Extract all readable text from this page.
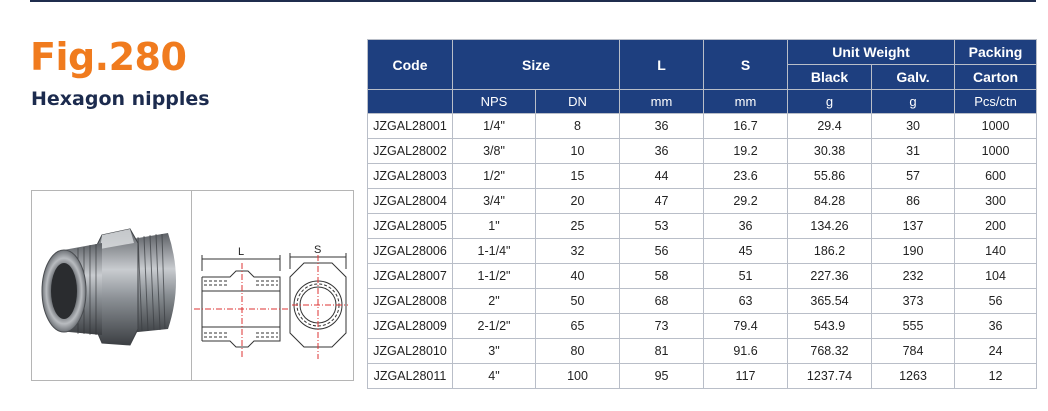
Fig.280
Hexagon nipples
L	S
Code	Size		L	S	Unit Weight		Packing
					Black	Galv.	Carton
	NPS	DN	mm	mm	g	g	Pcs/ctn
JZGAL28001	1/4"	8	36	16.7	29.4	30	1000
JZGAL28002	3/8"	10	36	19.2	30.38	31	1000
JZGAL28003	1/2"	15	44	23.6	55.86	57	600
JZGAL28004	3/4"	20	47	29.2	84.28	86	300
JZGAL28005	1"	25	53	36	134.26	137	200
JZGAL28006	1-1/4"	32	56	45	186.2	190	140
JZGAL28007	1-1/2"	40	58	51	227.36	232	104
JZGAL28008	2"	50	68	63	365.54	373	56
JZGAL28009	2-1/2"	65	73	79.4	543.9	555	36
JZGAL28010	3"	80	81	91.6	768.32	784	24
JZGAL28011	4"	100	95	117	1237.74	1263	12
